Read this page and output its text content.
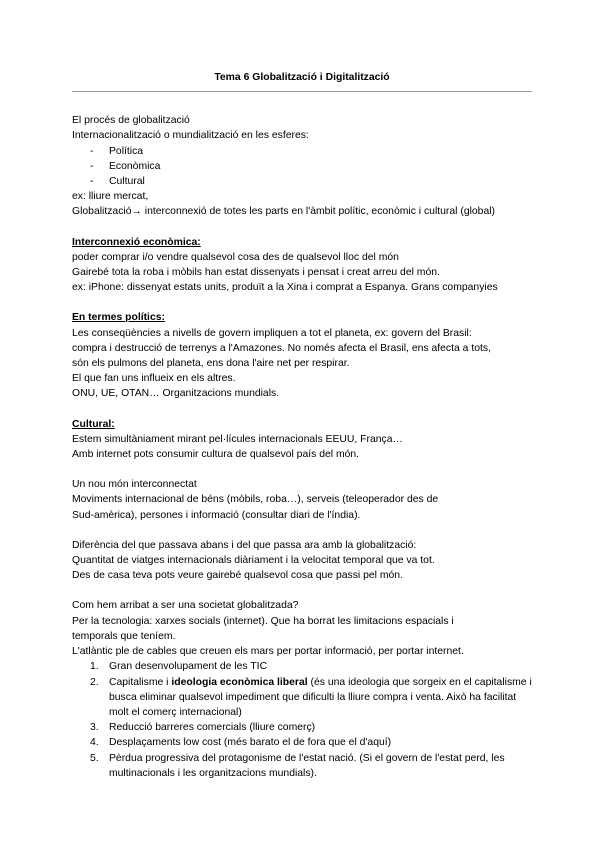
Tema 6 Globalització i Digitalització

El procés de globalització

Internacionalització o mundialització en les esferes:

- Política
- Econòmica
- Cultural

ex: lliure mercat,

Globalització→ interconnexió de totes les parts en l'àmbit polític, econòmic i cultural (global)

Interconnexió econòmica:

poder comprar i/o vendre qualsevol cosa des de qualsevol lloc del món

Gairebé tota la roba i mòbils han estat dissenyats i pensat i creat arreu del món.

ex: iPhone: dissenyat estats units, produït a la Xina i comprat a Espanya. Grans companyies

En termes polítics:

Les conseqüències a nivells de govern impliquen a tot el planeta, ex: govern del Brasil:

compra i destrucció de terrenys a l'Amazones. No només afecta el Brasil, ens afecta a tots,

són els pulmons del planeta, ens dona l'aire net per respirar.

El que fan uns influeix en els altres.

ONU, UE, OTAN… Organitzacions mundials.

Cultural:

Estem simultàniament mirant pel·lícules internacionals EEUU, França…

Amb internet pots consumir cultura de qualsevol país del món.

Un nou món interconnectat

Moviments internacional de béns (mòbils, roba…), serveis (teleoperador des de

Sud-amèrica), persones i informació (consultar diari de l'índia).

Diferència del que passava abans i del que passa ara amb la globalització:

Quantitat de viatges internacionals diàriament i la velocitat temporal que va tot.

Des de casa teva pots veure gairebé qualsevol cosa que passi pel món.

Com hem arribat a ser una societat globalitzada?

Per la tecnologia: xarxes socials (internet). Que ha borrat les limitacions espacials i

temporals que teníem.

L'atlàntic ple de cables que creuen els mars per portar informació, per portar internet.

1. Gran desenvolupament de les TIC
2. Capitalisme i ideologia econòmica liberal (és una ideologia que sorgeix en el capitalisme i busca eliminar qualsevol impediment que dificulti la lliure compra i venta. Això ha facilitat molt el comerç internacional)
3. Reducció barreres comercials (lliure comerç)
4. Desplaçaments low cost (més barato el de fora que el d'aquí)
5. Pèrdua progressiva del protagonisme de l'estat nació. (Si el govern de l'estat perd, les multinacionals i les organitzacions mundials).
